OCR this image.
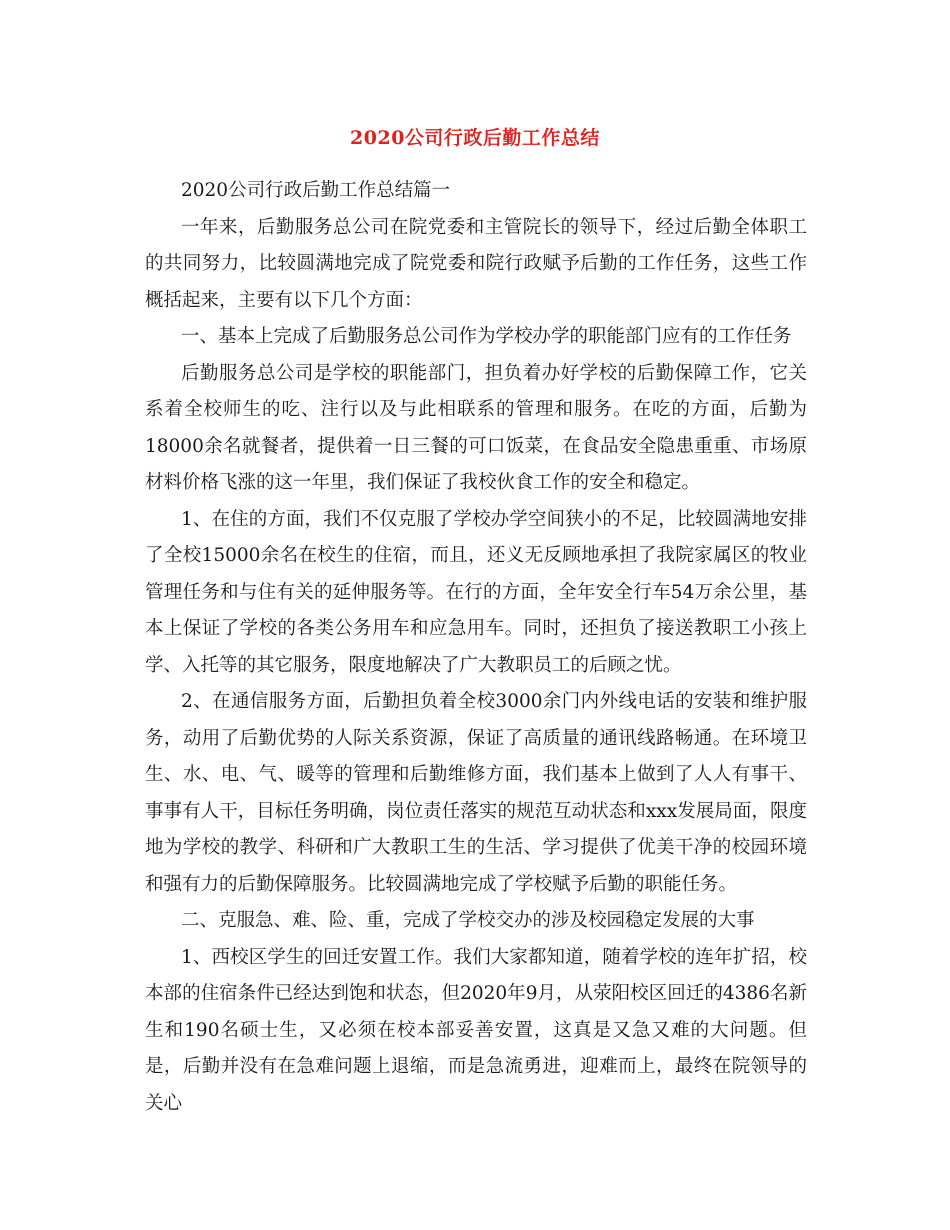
2020公司行政后勤工作总结

2020公司行政后勤工作总结篇一

一年来，后勤服务总公司在院党委和主管院长的领导下，经过后勤全体职工的共同努力，比较圆满地完成了院党委和院行政赋予后勤的工作任务，这些工作概括起来，主要有以下几个方面：

一、基本上完成了后勤服务总公司作为学校办学的职能部门应有的工作任务

后勤服务总公司是学校的职能部门，担负着办好学校的后勤保障工作，它关系着全校师生的吃、注行以及与此相联系的管理和服务。在吃的方面，后勤为18000余名就餐者，提供着一日三餐的可口饭菜，在食品安全隐患重重、市场原材料价格飞涨的这一年里，我们保证了我校伙食工作的安全和稳定。

1、在住的方面，我们不仅克服了学校办学空间狭小的不足，比较圆满地安排了全校15000余名在校生的住宿，而且，还义无反顾地承担了我院家属区的牧业管理任务和与住有关的延伸服务等。在行的方面，全年安全行车54万余公里，基本上保证了学校的各类公务用车和应急用车。同时，还担负了接送教职工小孩上学、入托等的其它服务，限度地解决了广大教职员工的后顾之忧。

2、在通信服务方面，后勤担负着全校3000余门内外线电话的安装和维护服务，动用了后勤优势的人际关系资源，保证了高质量的通讯线路畅通。在环境卫生、水、电、气、暖等的管理和后勤维修方面，我们基本上做到了人人有事干、事事有人干，目标任务明确，岗位责任落实的规范互动状态和xxx发展局面，限度地为学校的教学、科研和广大教职工生的生活、学习提供了优美干净的校园环境和强有力的后勤保障服务。比较圆满地完成了学校赋予后勤的职能任务。

二、克服急、难、险、重，完成了学校交办的涉及校园稳定发展的大事

1、西校区学生的回迁安置工作。我们大家都知道，随着学校的连年扩招，校本部的住宿条件已经达到饱和状态，但2020年9月，从荥阳校区回迁的4386名新生和190名硕士生，又必须在校本部妥善安置，这真是又急又难的大问题。但是，后勤并没有在急难问题上退缩，而是急流勇进，迎难而上，最终在院领导的关心
